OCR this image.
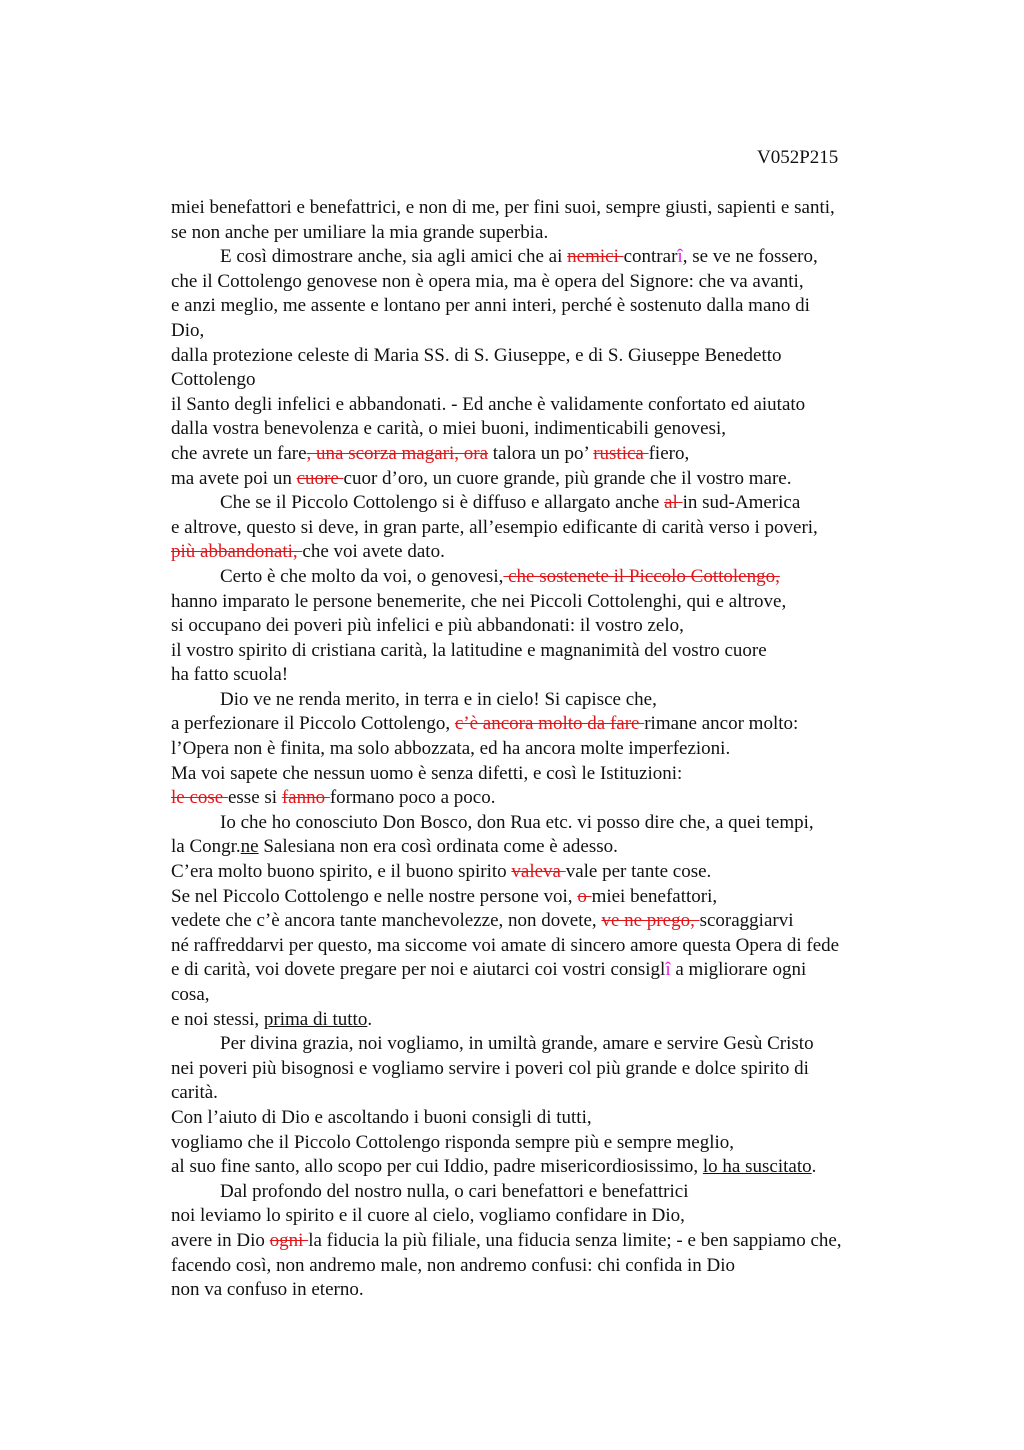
V052P215
miei benefattori e benefattrici, e non di me, per fini suoi, sempre giusti, sapienti e santi,
se non anche per umiliare la mia grande superbia.
E così dimostrare anche, sia agli amici che ai nemici contrarî, se ve ne fossero,
che il Cottolengo genovese non è opera mia, ma è opera del Signore: che va avanti,
e anzi meglio, me assente e lontano per anni interi, perché è sostenuto dalla mano di
Dio,
dalla protezione celeste di Maria SS. di S. Giuseppe, e di S. Giuseppe Benedetto
Cottolengo
il Santo degli infelici e abbandonati. - Ed anche è validamente confortato ed aiutato
dalla vostra benevolenza e carità, o miei buoni, indimenticabili genovesi,
che avrete un fare, una scorza magari, ora talora un po’ rustica fiero,
ma avete poi un cuore cuor d’oro, un cuore grande, più grande che il vostro mare.
Che se il Piccolo Cottolengo si è diffuso e allargato anche al in sud-America
e altrove, questo si deve, in gran parte, all’esempio edificante di carità verso i poveri,
più abbandonati, che voi avete dato.
Certo è che molto da voi, o genovesi, che sostenete il Piccolo Cottolengo,
hanno imparato le persone benemerite, che nei Piccoli Cottolenghi, qui e altrove,
si occupano dei poveri più infelici e più abbandonati: il vostro zelo,
il vostro spirito di cristiana carità, la latitudine e magnanimità del vostro cuore
ha fatto scuola!
Dio ve ne renda merito, in terra e in cielo! Si capisce che,
a perfezionare il Piccolo Cottolengo, c’è ancora molto da fare rimane ancor molto:
l’Opera non è finita, ma solo abbozzata, ed ha ancora molte imperfezioni.
Ma voi sapete che nessun uomo è senza difetti, e così le Istituzioni:
le cose esse si fanno formano poco a poco.
Io che ho conosciuto Don Bosco, don Rua etc. vi posso dire che, a quei tempi,
la Congr.ne Salesiana non era così ordinata come è adesso.
C’era molto buono spirito, e il buono spirito valeva vale per tante cose.
Se nel Piccolo Cottolengo e nelle nostre persone voi, o miei benefattori,
vedete che c’è ancora tante manchevolezze, non dovete, ve ne prego, scoraggiarvi
né raffreddarvi per questo, ma siccome voi amate di sincero amore questa Opera di fede
e di carità, voi dovete pregare per noi e aiutarci coi vostri consiglî a migliorare ogni
cosa,
e noi stessi, prima di tutto.
Per divina grazia, noi vogliamo, in umiltà grande, amare e servire Gesù Cristo
nei poveri più bisognosi e vogliamo servire i poveri col più grande e dolce spirito di
carità.
Con l’aiuto di Dio e ascoltando i buoni consigli di tutti,
vogliamo che il Piccolo Cottolengo risponda sempre più e sempre meglio,
al suo fine santo, allo scopo per cui Iddio, padre misericordiosissimo, lo ha suscitato.
Dal profondo del nostro nulla, o cari benefattori e benefattrici
noi leviamo lo spirito e il cuore al cielo, vogliamo confidare in Dio,
avere in Dio ogni la fiducia la più filiale, una fiducia senza limite; - e ben sappiamo che,
facendo così, non andremo male, non andremo confusi: chi confida in Dio
non va confuso in eterno.
